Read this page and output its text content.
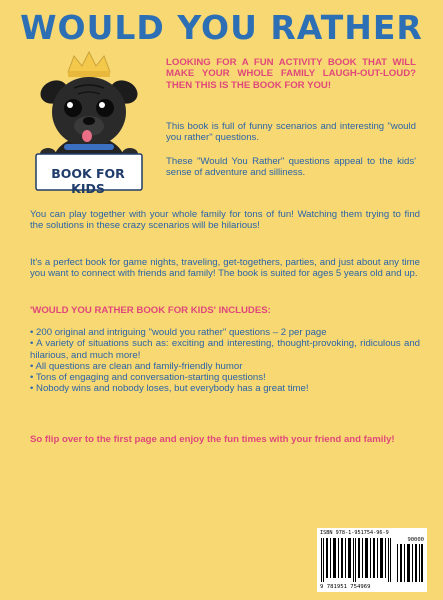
WOULD YOU RATHER
BOOK FOR KIDS
LOOKING FOR A FUN ACTIVITY BOOK THAT WILL MAKE YOUR WHOLE FAMILY LAUGH-OUT-LOUD? THEN THIS IS THE BOOK FOR YOU!
This book is full of funny scenarios and interesting "would you rather" questions.
These "Would You Rather" questions appeal to the kids' sense of adventure and silliness.
You can play together with your whole family for tons of fun! Watching them trying to find the solutions in these crazy scenarios will be hilarious!
It's a perfect book for game nights, traveling, get-togethers, parties, and just about any time you want to connect with friends and family! The book is suited for ages 5 years old and up.
'WOULD YOU RATHER BOOK FOR KIDS' INCLUDES:
• 200 original and intriguing "would you rather" questions – 2 per page
• A variety of situations such as: exciting and interesting, thought-provoking, ridiculous and hilarious, and much more!
• All questions are clean and family-friendly humor
• Tons of engaging and conversation-starting questions!
• Nobody wins and nobody loses, but everybody has a great time!
So flip over to the first page and enjoy the fun times with your friend and family!
ISBN 978-1-951754-96-9
90000
9 781951 754969
